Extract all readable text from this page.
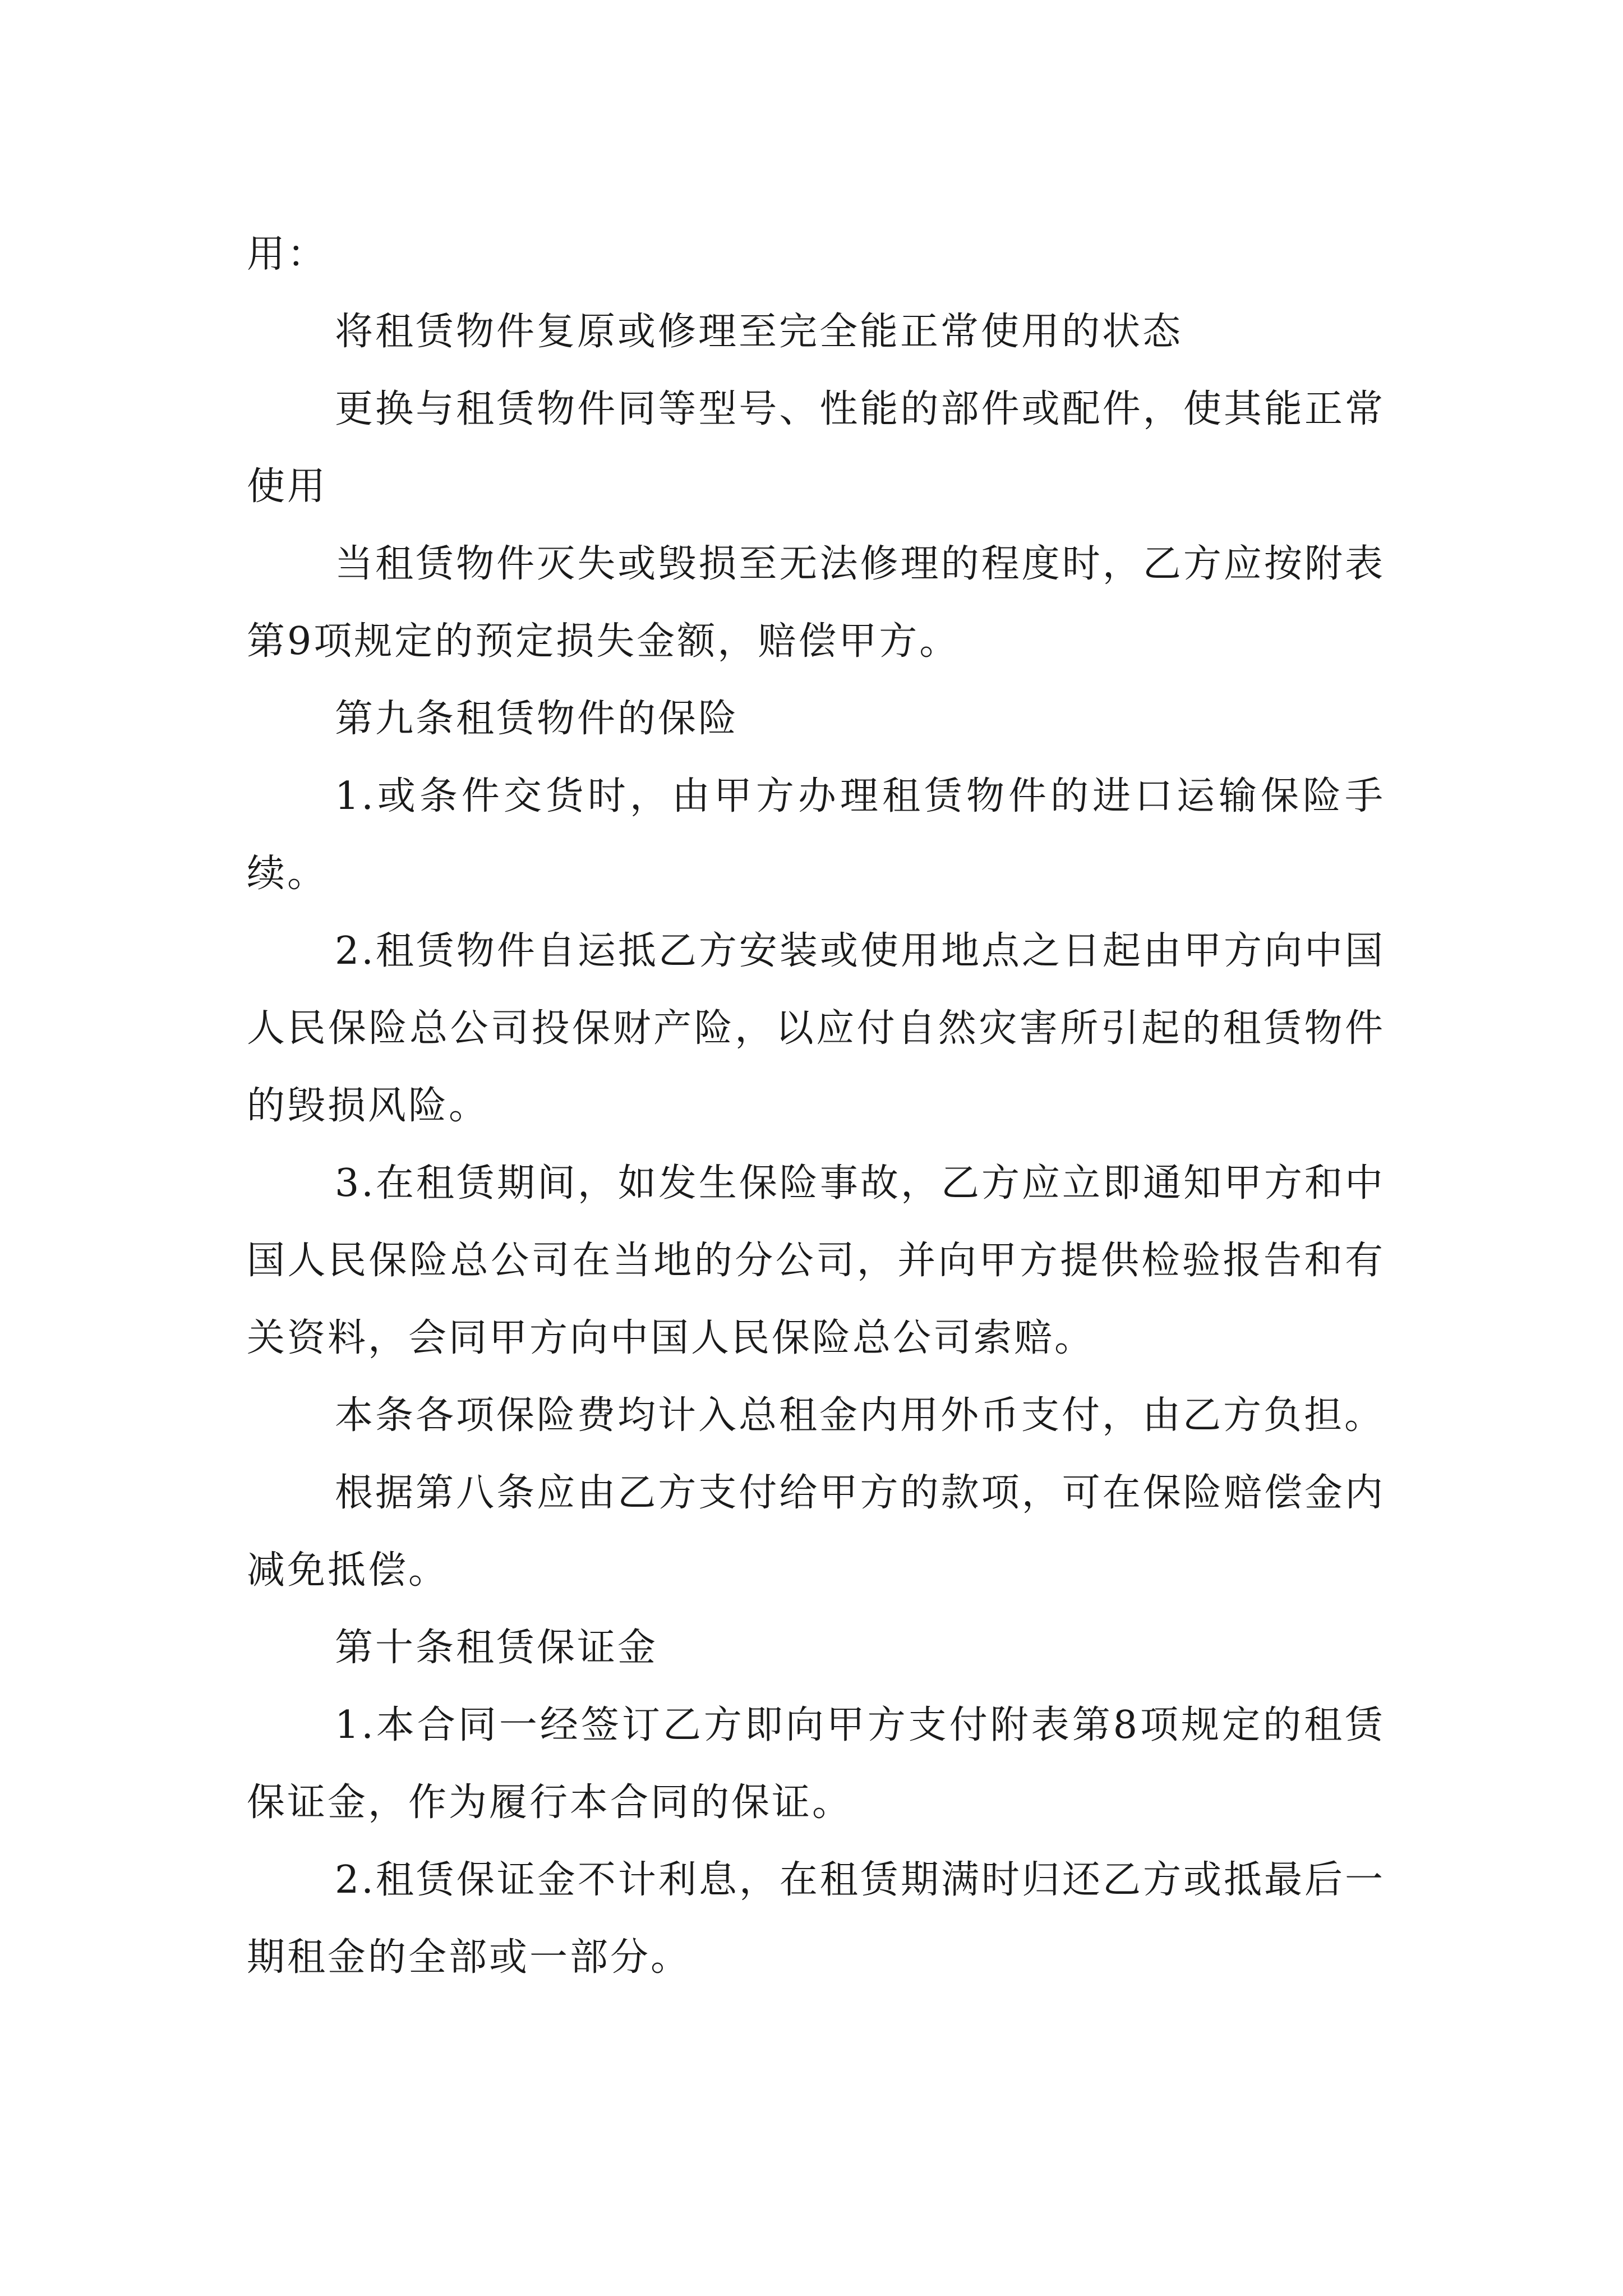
用：

将租赁物件复原或修理至完全能正常使用的状态

更换与租赁物件同等型号、性能的部件或配件，使其能正常使用

当租赁物件灭失或毁损至无法修理的程度时，乙方应按附表第9项规定的预定损失金额，赔偿甲方。

第九条租赁物件的保险

1.或条件交货时，由甲方办理租赁物件的进口运输保险手续。

2.租赁物件自运抵乙方安装或使用地点之日起由甲方向中国人民保险总公司投保财产险，以应付自然灾害所引起的租赁物件的毁损风险。

3.在租赁期间，如发生保险事故，乙方应立即通知甲方和中国人民保险总公司在当地的分公司，并向甲方提供检验报告和有关资料，会同甲方向中国人民保险总公司索赔。

本条各项保险费均计入总租金内用外币支付，由乙方负担。

根据第八条应由乙方支付给甲方的款项，可在保险赔偿金内减免抵偿。

第十条租赁保证金

1.本合同一经签订乙方即向甲方支付附表第8项规定的租赁保证金，作为履行本合同的保证。

2.租赁保证金不计利息，在租赁期满时归还乙方或抵最后一期租金的全部或一部分。
